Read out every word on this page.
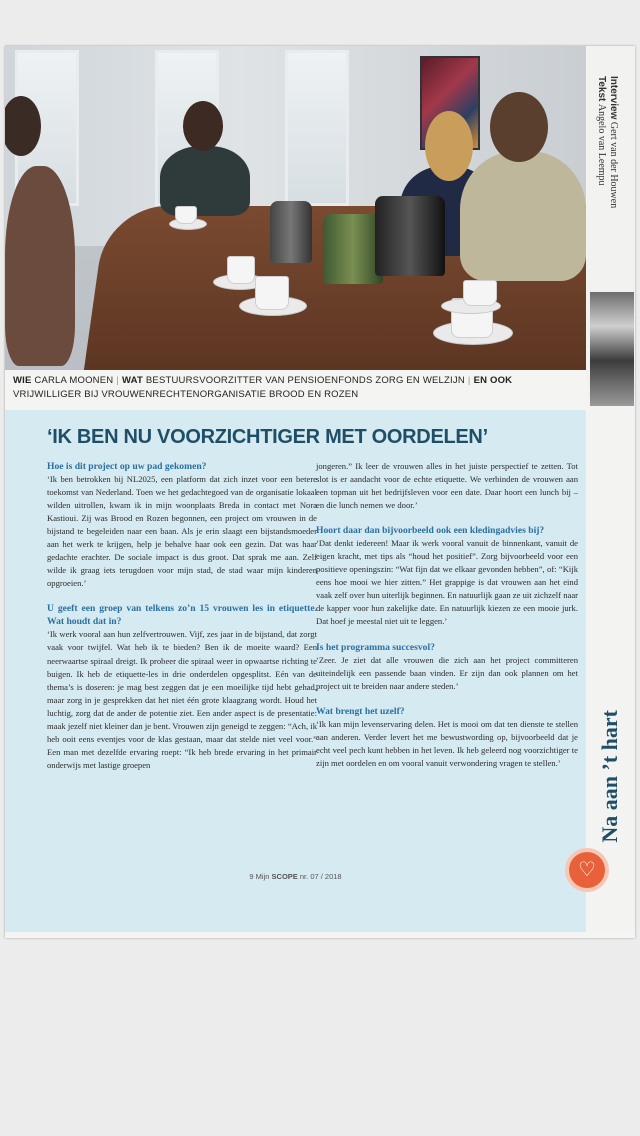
Interview Gert van der Houwen
Tekst Angelo van Leempu
WIE CARLA MOONEN | WAT BESTUURSVOORZITTER VAN PENSIOENFONDS ZORG EN WELZIJN | EN OOK VRIJWILLIGER BIJ VROUWENRECHTENORGANISATIE BROOD EN ROZEN
‘IK BEN NU VOORZICHTIGER MET OORDELEN’

Hoe is dit project op uw pad gekomen?

‘Ik ben betrokken bij NL2025, een platform dat zich inzet voor een betere toekomst van Nederland. Toen we het gedachtegoed van de organisatie lokaal wilden uitrollen, kwam ik in mijn woonplaats Breda in contact met Nora Kastioui. Zij was Brood en Rozen begonnen, een project om vrouwen in de bijstand te begeleiden naar een baan. Als je erin slaagt een bijstandsmoeder aan het werk te krijgen, help je behalve haar ook een gezin. Dat was haar gedachte erachter. De sociale impact is dus groot. Dat sprak me aan. Zelf wilde ik graag iets terugdoen voor mijn stad, de stad waar mijn kinderen opgroeien.’

U geeft een groep van telkens zo’n 15 vrouwen les in etiquette. Wat houdt dat in?

‘Ik werk vooral aan hun zelfvertrouwen. Vijf, zes jaar in de bijstand, dat zorgt vaak voor twijfel. Wat heb ik te bieden? Ben ik de moeite waard? Een neerwaartse spiraal dreigt. Ik probeer die spiraal weer in opwaartse richting te buigen. Ik heb de etiquette-les in drie onderdelen opgesplitst. Eén van de thema’s is doseren: je mag best zeggen dat je een moeilijke tijd hebt gehad, maar zorg in je gesprekken dat het niet één grote klaagzang wordt. Houd het luchtig, zorg dat de ander de potentie ziet. Een ander aspect is de presentatie: maak jezelf niet kleiner dan je bent. Vrouwen zijn geneigd te zeggen: “Ach, ik heb ooit eens eventjes voor de klas gestaan, maar dat stelde niet veel voor.” Een man met dezelfde ervaring roept: “Ik heb brede ervaring in het primair onderwijs met lastige groepen

jongeren.” Ik leer de vrouwen alles in het juiste perspectief te zetten. Tot slot is er aandacht voor de echte etiquette. We verbinden de vrouwen aan een topman uit het bedrijfsleven voor een date. Daar hoort een lunch bij – en die lunch nemen we door.’

Hoort daar dan bijvoorbeeld ook een kledingadvies bij?

‘Dat denkt iedereen! Maar ik werk vooral vanuit de binnenkant, vanuit de eigen kracht, met tips als “houd het positief”. Zorg bijvoorbeeld voor een positieve openingszin: “Wat fijn dat we elkaar gevonden hebben”, of: “Kijk eens hoe mooi we hier zitten.” Het grappige is dat vrouwen aan het eind vaak zelf over hun uiterlijk beginnen. En natuurlijk gaan ze uit zichzelf naar de kapper voor hun zakelijke date. En natuurlijk kiezen ze een mooie jurk. Dat hoef je meestal niet uit te leggen.’

Is het programma succesvol?

‘Zeer. Je ziet dat alle vrouwen die zich aan het project committeren uiteindelijk een passende baan vinden. Er zijn dan ook plannen om het project uit te breiden naar andere steden.’

Wat brengt het uzelf?

‘Ik kan mijn levenservaring delen. Het is mooi om dat ten dienste te stellen aan anderen. Verder levert het me bewustwording op, bijvoorbeeld dat je echt veel pech kunt hebben in het leven. Ik heb geleerd nog voorzichtiger te zijn met oordelen en om vooral vanuit verwondering vragen te stellen.’

9 Mijn SCOPE nr. 07 / 2018
Na aan ’t hart
♡
